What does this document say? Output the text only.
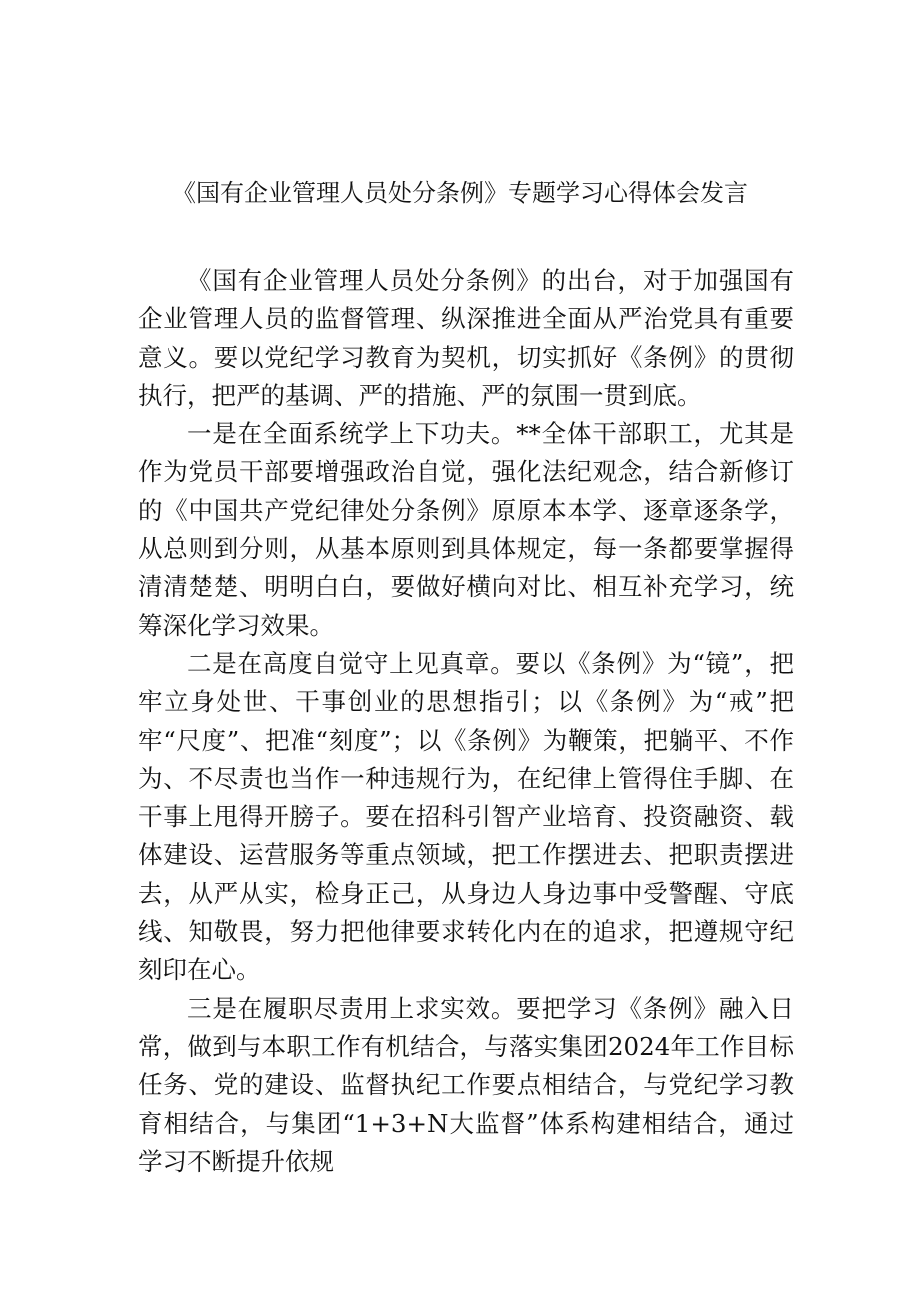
《国有企业管理人员处分条例》专题学习心得体会发言

《国有企业管理人员处分条例》的出台，对于加强国有企业管理人员的监督管理、纵深推进全面从严治党具有重要意义。要以党纪学习教育为契机，切实抓好《条例》的贯彻执行，把严的基调、严的措施、严的氛围一贯到底。

一是在全面系统学上下功夫。**全体干部职工，尤其是作为党员干部要增强政治自觉，强化法纪观念，结合新修订的《中国共产党纪律处分条例》原原本本学、逐章逐条学，从总则到分则，从基本原则到具体规定，每一条都要掌握得清清楚楚、明明白白，要做好横向对比、相互补充学习，统筹深化学习效果。

二是在高度自觉守上见真章。要以《条例》为“镜”，把牢立身处世、干事创业的思想指引；以《条例》为“戒”把牢“尺度”、把准“刻度”；以《条例》为鞭策，把躺平、不作为、不尽责也当作一种违规行为，在纪律上管得住手脚、在干事上甩得开膀子。要在招科引智产业培育、投资融资、载体建设、运营服务等重点领域，把工作摆进去、把职责摆进去，从严从实，检身正己，从身边人身边事中受警醒、守底线、知敬畏，努力把他律要求转化内在的追求，把遵规守纪刻印在心。

三是在履职尽责用上求实效。要把学习《条例》融入日常，做到与本职工作有机结合，与落实集团2024年工作目标任务、党的建设、监督执纪工作要点相结合，与党纪学习教育相结合，与集团“1+3+N大监督”体系构建相结合，通过学习不断提升依规
